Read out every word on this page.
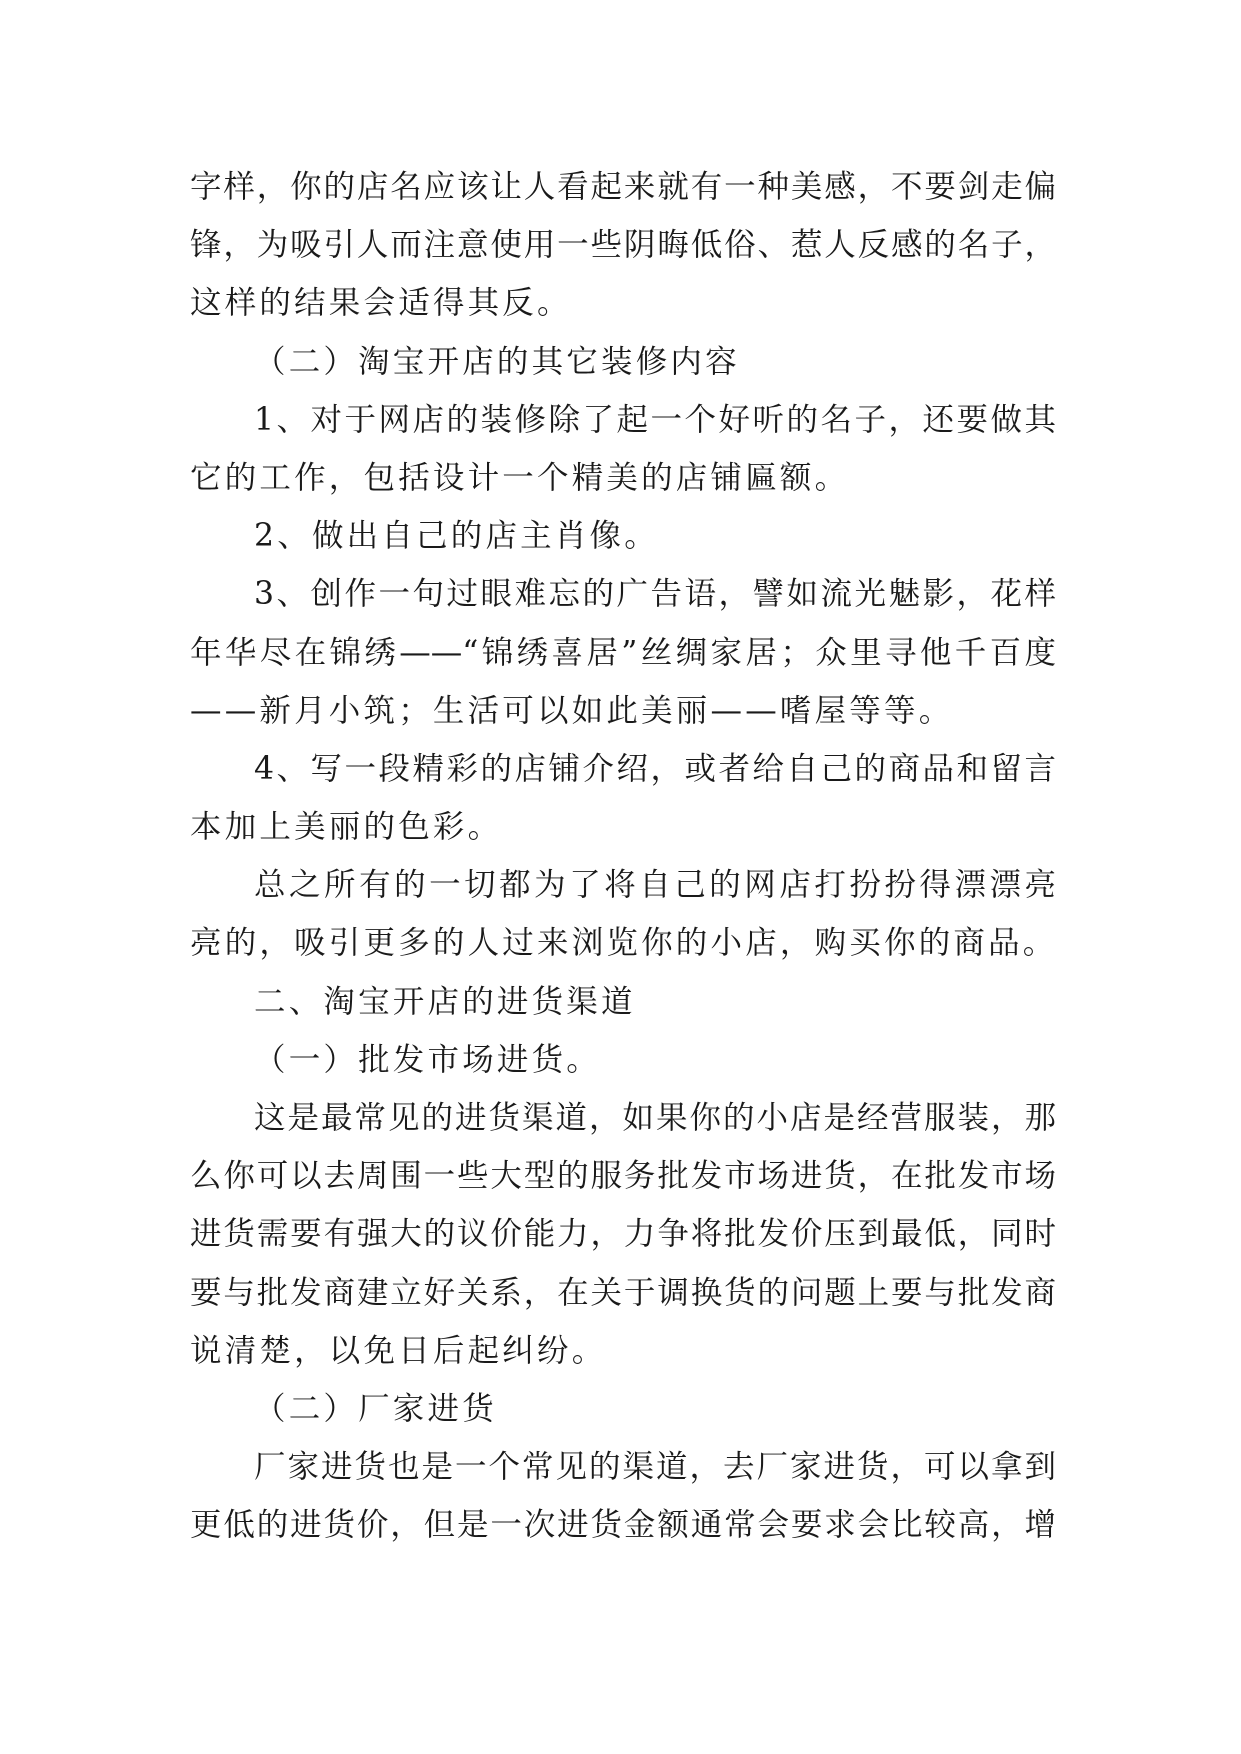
字样，你的店名应该让人看起来就有一种美感，不要剑走偏
锋，为吸引人而注意使用一些阴晦低俗、惹人反感的名子，
这样的结果会适得其反。
（二）淘宝开店的其它装修内容
1、对于网店的装修除了起一个好听的名子，还要做其
它的工作，包括设计一个精美的店铺匾额。
2、做出自己的店主肖像。
3、创作一句过眼难忘的广告语，譬如流光魅影，花样
年华尽在锦绣——“锦绣喜居”丝绸家居；众里寻他千百度
——新月小筑；生活可以如此美丽——嗜屋等等。
4、写一段精彩的店铺介绍，或者给自己的商品和留言
本加上美丽的色彩。
总之所有的一切都为了将自己的网店打扮扮得漂漂亮
亮的，吸引更多的人过来浏览你的小店，购买你的商品。
二、淘宝开店的进货渠道
（一）批发市场进货。
这是最常见的进货渠道，如果你的小店是经营服装，那
么你可以去周围一些大型的服务批发市场进货，在批发市场
进货需要有强大的议价能力，力争将批发价压到最低，同时
要与批发商建立好关系，在关于调换货的问题上要与批发商
说清楚，以免日后起纠纷。
（二）厂家进货
厂家进货也是一个常见的渠道，去厂家进货，可以拿到
更低的进货价，但是一次进货金额通常会要求会比较高，增
